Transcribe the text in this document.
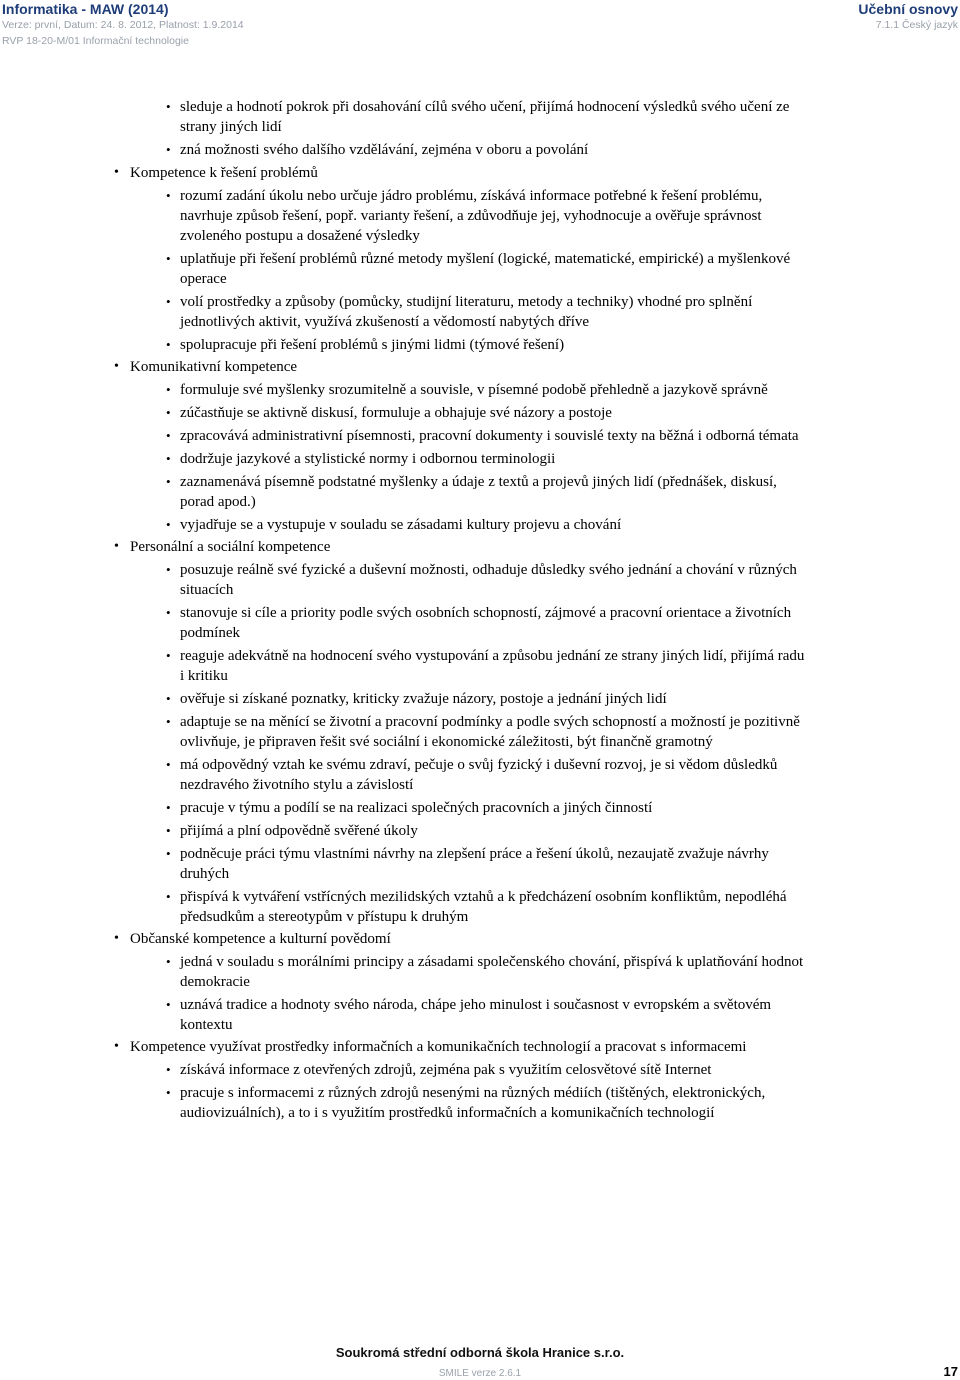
Informatika - MAW (2014)
Verze: první, Datum: 24. 8. 2012, Platnost: 1.9.2014
RVP 18-20-M/01 Informační technologie
Učební osnovy
7.1.1 Český jazyk
• sleduje a hodnotí pokrok při dosahování cílů svého učení, přijímá hodnocení výsledků svého učení ze strany jiných lidí
• zná možnosti svého dalšího vzdělávání, zejména v oboru a povolání
• Kompetence k řešení problémů
• rozumí zadání úkolu nebo určuje jádro problému, získává informace potřebné k řešení problému, navrhuje způsob řešení, popř. varianty řešení, a zdůvodňuje jej, vyhodnocuje a ověřuje správnost zvoleného postupu a dosažené výsledky
• uplatňuje při řešení problémů různé metody myšlení (logické, matematické, empirické) a myšlenkové operace
• volí prostředky a způsoby (pomůcky, studijní literaturu, metody a techniky) vhodné pro splnění jednotlivých aktivit, využívá zkušeností a vědomostí nabytých dříve
• spolupracuje při řešení problémů s jinými lidmi (týmové řešení)
• Komunikativní kompetence
• formuluje své myšlenky srozumitelně a souvisle, v písemné podobě přehledně a jazykově správně
• zúčastňuje se aktivně diskusí, formuluje a obhajuje své názory a postoje
• zpracovává administrativní písemnosti, pracovní dokumenty i souvislé texty na běžná i odborná témata
• dodržuje jazykové a stylistické normy i odbornou terminologii
• zaznamenává písemně podstatné myšlenky a údaje z textů a projevů jiných lidí (přednášek, diskusí, porad apod.)
• vyjadřuje se a vystupuje v souladu se zásadami kultury projevu a chování
• Personální a sociální kompetence
• posuzuje reálně své fyzické a duševní možnosti, odhaduje důsledky svého jednání a chování v různých situacích
• stanovuje si cíle a priority podle svých osobních schopností, zájmové a pracovní orientace a životních podmínek
• reaguje adekvátně na hodnocení svého vystupování a způsobu jednání ze strany jiných lidí, přijímá radu i kritiku
• ověřuje si získané poznatky, kriticky zvažuje názory, postoje a jednání jiných lidí
• adaptuje se na měnící se životní a pracovní podmínky a podle svých schopností a možností je pozitivně ovlivňuje, je připraven řešit své sociální i ekonomické záležitosti, být finančně gramotný
• má odpovědný vztah ke svému zdraví, pečuje o svůj fyzický i duševní rozvoj, je si vědom důsledků nezdravého životního stylu a závislostí
• pracuje v týmu a podílí se na realizaci společných pracovních a jiných činností
• přijímá a plní odpovědně svěřené úkoly
• podněcuje práci týmu vlastními návrhy na zlepšení práce a řešení úkolů, nezaujatě zvažuje návrhy druhých
• přispívá k vytváření vstřícných mezilidských vztahů a k předcházení osobním konfliktům, nepodléhá předsudkům a stereotypům v přístupu k druhým
• Občanské kompetence a kulturní povědomí
• jedná v souladu s morálními principy a zásadami společenského chování, přispívá k uplatňování hodnot demokracie
• uznává tradice a hodnoty svého národa, chápe jeho minulost i současnost v evropském a světovém kontextu
• Kompetence využívat prostředky informačních a komunikačních technologií a pracovat s informacemi
• získává informace z otevřených zdrojů, zejména pak s využitím celosvětové sítě Internet
• pracuje s informacemi z různých zdrojů nesenými na různých médiích (tištěných, elektronických, audiovizuálních), a to i s využitím prostředků informačních a komunikačních technologií
Soukromá střední odborná škola Hranice s.r.o.
SMILE verze 2.6.1	17
